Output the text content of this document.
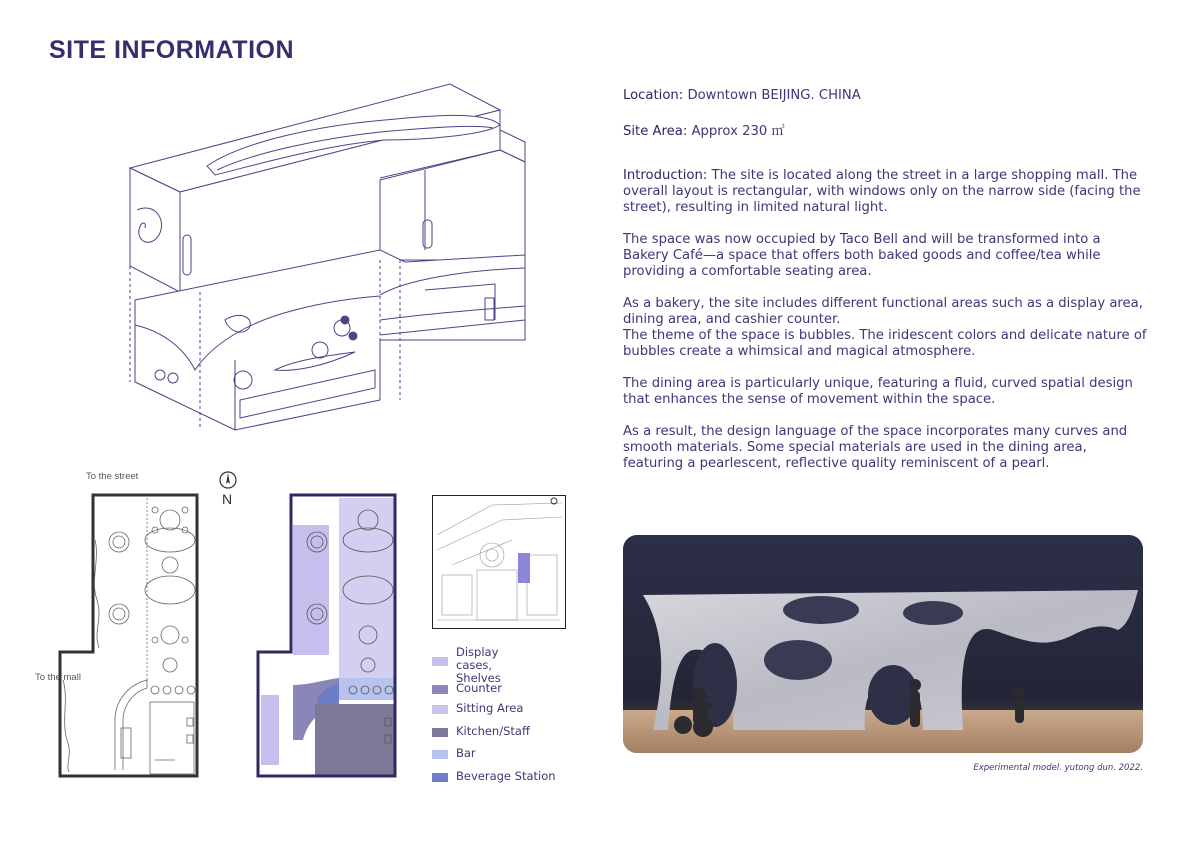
SITE INFORMATION

Location: Downtown BEIJING. CHINA

Site Area: Approx 230 ㎡

Introduction: The site is located along the street in a large shopping mall. The overall layout is rectangular, with windows only on the narrow side (facing the street), resulting in limited natural light.

The space was now occupied by Taco Bell and will be transformed into a Bakery Café—a space that offers both baked goods and coffee/tea while providing a comfortable seating area.

As a bakery, the site includes different functional areas such as a display area, dining area, and cashier counter.

The theme of the space is bubbles. The iridescent colors and delicate nature of bubbles create a whimsical and magical atmosphere.

The dining area is particularly unique, featuring a fluid, curved spatial design that enhances the sense of movement within the space.

As a result, the design language of the space incorporates many curves and smooth materials. Some special materials are used in the dining area, featuring a pearlescent, reflective quality reminiscent of a pearl.

To the street
To the mall
N
Display cases,
Shelves
Counter
Sitting Area
Kitchen/Staff
Bar
Beverage Station
Experimental model. yutong dun. 2022.
